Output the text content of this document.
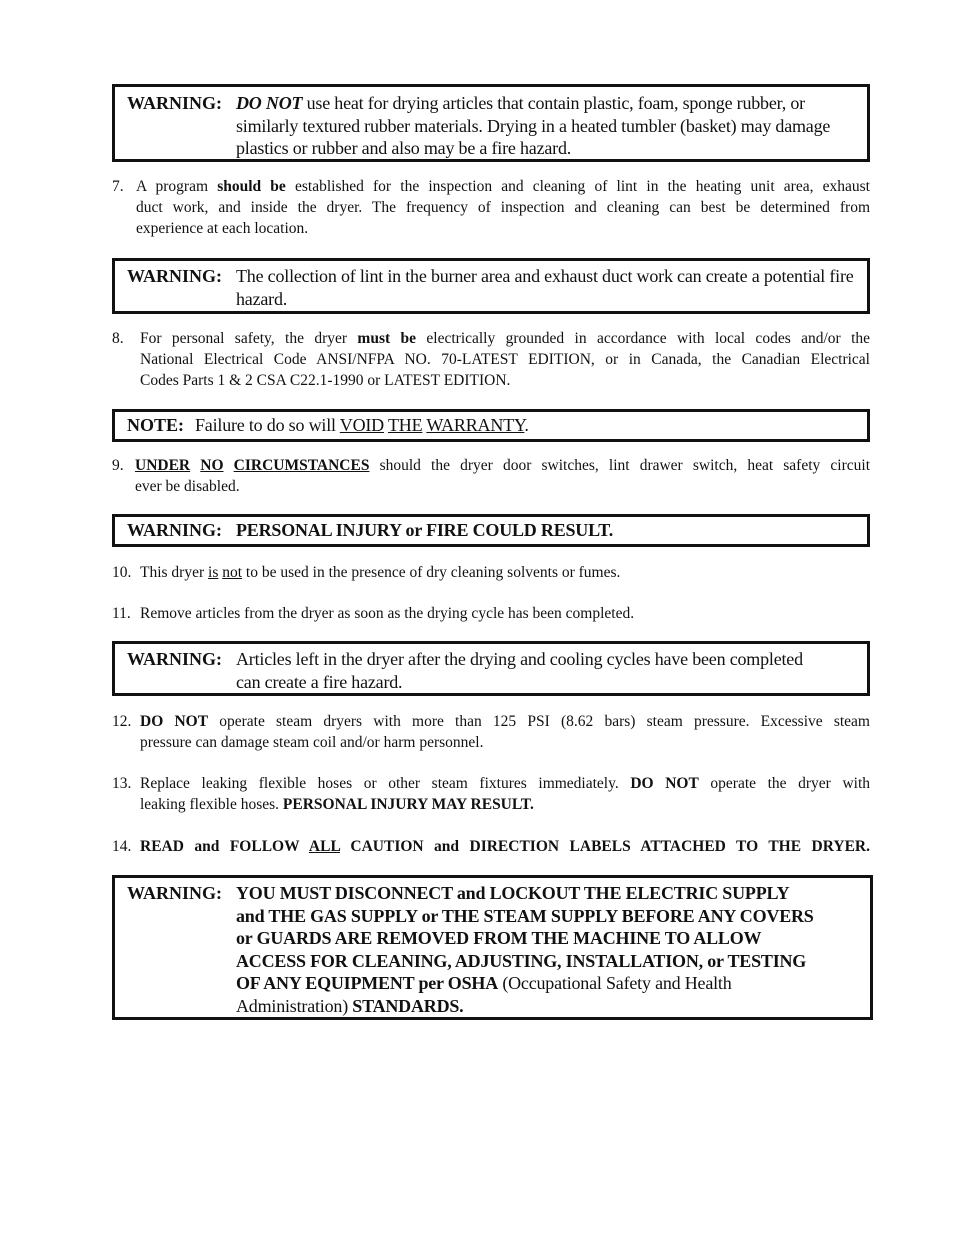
WARNING: DO NOT use heat for drying articles that contain plastic, foam, sponge rubber, or
similarly textured rubber materials. Drying in a heated tumbler (basket) may damage
plastics or rubber and also may be a fire hazard.
7. A program should be established for the inspection and cleaning of lint in the heating unit area, exhaust
duct work, and inside the dryer. The frequency of inspection and cleaning can best be determined from
experience at each location.
WARNING: The collection of lint in the burner area and exhaust duct work can create a potential fire
hazard.
8. For personal safety, the dryer must be electrically grounded in accordance with local codes and/or the
National Electrical Code ANSI/NFPA NO. 70-LATEST EDITION, or in Canada, the Canadian Electrical
Codes Parts 1 & 2 CSA C22.1-1990 or LATEST EDITION.
NOTE: Failure to do so will VOID THE WARRANTY.
9. UNDER NO CIRCUMSTANCES should the dryer door switches, lint drawer switch, heat safety circuit
ever be disabled.
WARNING: PERSONAL INJURY or FIRE COULD RESULT.
10. This dryer is not to be used in the presence of dry cleaning solvents or fumes.
11. Remove articles from the dryer as soon as the drying cycle has been completed.
WARNING: Articles left in the dryer after the drying and cooling cycles have been completed
can create a fire hazard.
12. DO NOT operate steam dryers with more than 125 PSI (8.62 bars) steam pressure. Excessive steam
pressure can damage steam coil and/or harm personnel.
13. Replace leaking flexible hoses or other steam fixtures immediately. DO NOT operate the dryer with
leaking flexible hoses. PERSONAL INJURY MAY RESULT.
14. READ and FOLLOW ALL CAUTION and DIRECTION LABELS ATTACHED TO THE DRYER.
WARNING: YOU MUST DISCONNECT and LOCKOUT THE ELECTRIC SUPPLY
and THE GAS SUPPLY or THE STEAM SUPPLY BEFORE ANY COVERS
or GUARDS ARE REMOVED FROM THE MACHINE TO ALLOW
ACCESS FOR CLEANING, ADJUSTING, INSTALLATION, or TESTING
OF ANY EQUIPMENT per OSHA (Occupational Safety and Health
Administration) STANDARDS.
